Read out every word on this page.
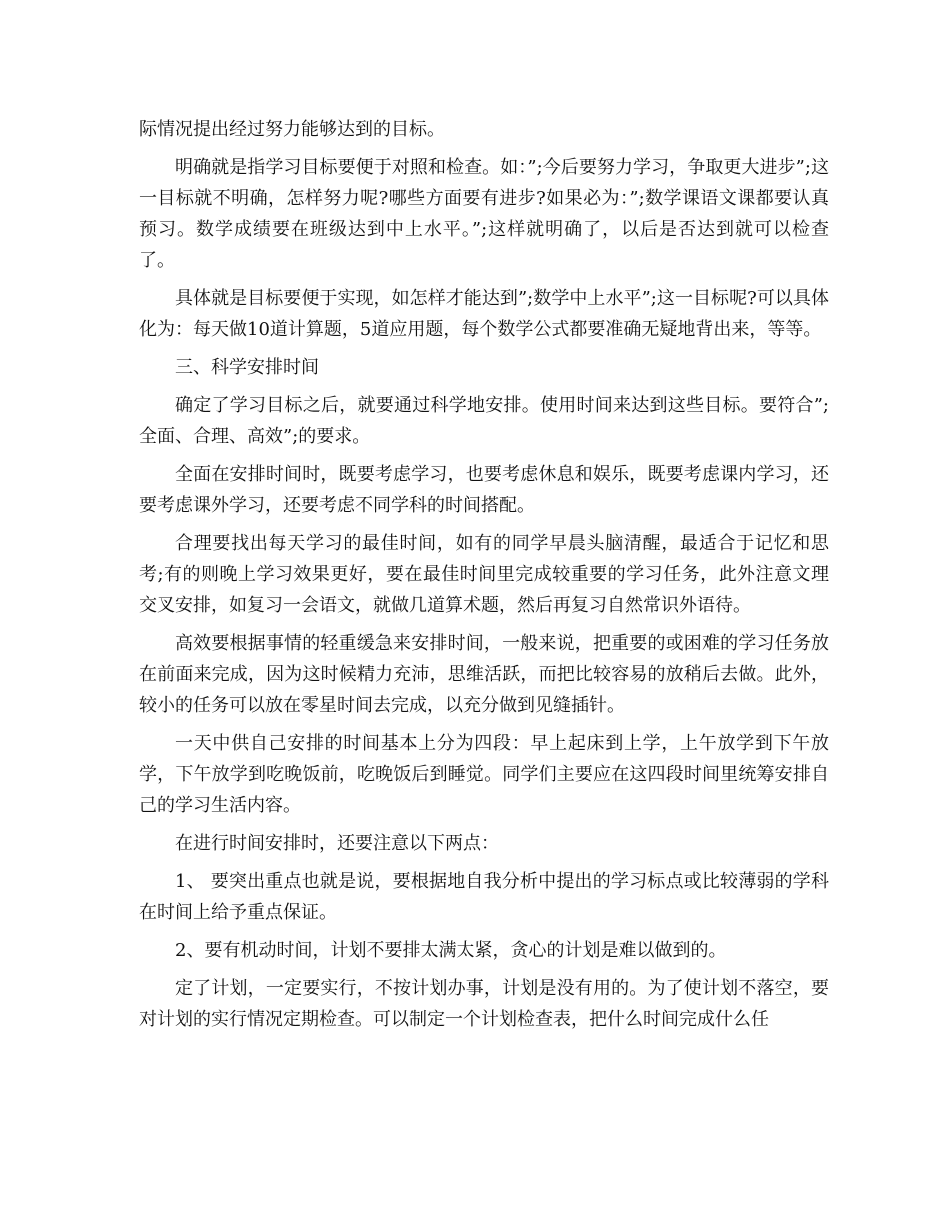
际情况提出经过努力能够达到的目标。

明确就是指学习目标要便于对照和检查。如：”;今后要努力学习，争取更大进步”;这一目标就不明确，怎样努力呢?哪些方面要有进步?如果必为：”;数学课语文课都要认真预习。数学成绩要在班级达到中上水平。”;这样就明确了，以后是否达到就可以检查了。

具体就是目标要便于实现，如怎样才能达到”;数学中上水平”;这一目标呢?可以具体化为：每天做10道计算题，5道应用题，每个数学公式都要准确无疑地背出来，等等。

三、科学安排时间

确定了学习目标之后，就要通过科学地安排。使用时间来达到这些目标。要符合”;全面、合理、高效”;的要求。

全面在安排时间时，既要考虑学习，也要考虑休息和娱乐，既要考虑课内学习，还要考虑课外学习，还要考虑不同学科的时间搭配。

合理要找出每天学习的最佳时间，如有的同学早晨头脑清醒，最适合于记忆和思考;有的则晚上学习效果更好，要在最佳时间里完成较重要的学习任务，此外注意文理交叉安排，如复习一会语文，就做几道算术题，然后再复习自然常识外语待。

高效要根据事情的轻重缓急来安排时间，一般来说，把重要的或困难的学习任务放在前面来完成，因为这时候精力充沛，思维活跃，而把比较容易的放稍后去做。此外，较小的任务可以放在零星时间去完成，以充分做到见缝插针。

一天中供自己安排的时间基本上分为四段：早上起床到上学，上午放学到下午放学，下午放学到吃晚饭前，吃晚饭后到睡觉。同学们主要应在这四段时间里统筹安排自己的学习生活内容。

在进行时间安排时，还要注意以下两点：

1、 要突出重点也就是说，要根据地自我分析中提出的学习标点或比较薄弱的学科在时间上给予重点保证。

2、要有机动时间，计划不要排太满太紧，贪心的计划是难以做到的。

定了计划，一定要实行，不按计划办事，计划是没有用的。为了使计划不落空，要对计划的实行情况定期检查。可以制定一个计划检查表，把什么时间完成什么任
